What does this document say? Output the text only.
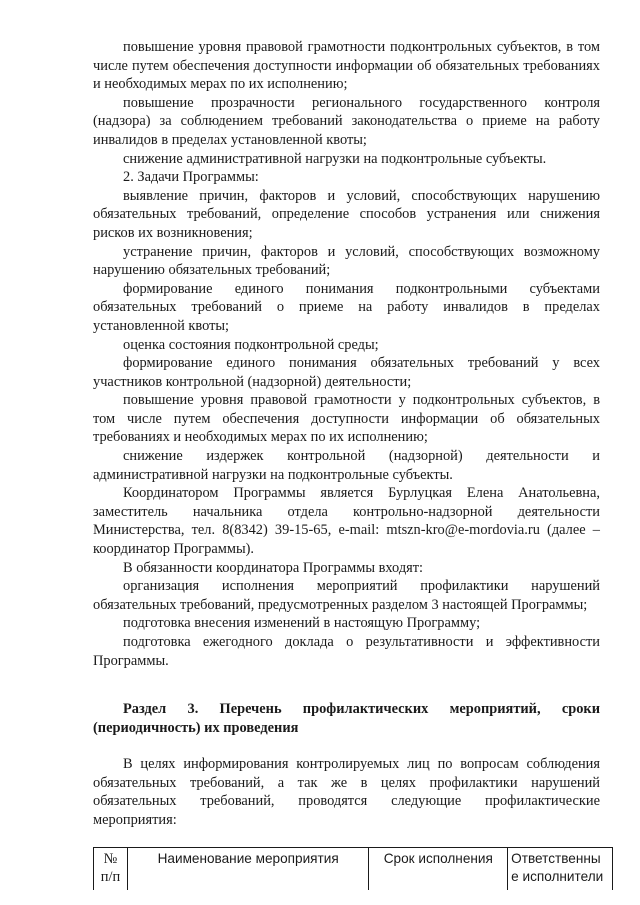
повышение уровня правовой грамотности подконтрольных субъектов, в том числе путем обеспечения доступности информации об обязательных требованиях и необходимых мерах по их исполнению;

повышение прозрачности регионального государственного контроля (надзора) за соблюдением требований законодательства о приеме на работу инвалидов в пределах установленной квоты;

снижение административной нагрузки на подконтрольные субъекты.

2. Задачи Программы:

выявление причин, факторов и условий, способствующих нарушению обязательных требований, определение способов устранения или снижения рисков их возникновения;

устранение причин, факторов и условий, способствующих возможному нарушению обязательных требований;

формирование единого понимания подконтрольными субъектами обязательных требований о приеме на работу инвалидов в пределах установленной квоты;

оценка состояния подконтрольной среды;

формирование единого понимания обязательных требований у всех участников контрольной (надзорной) деятельности;

повышение уровня правовой грамотности у подконтрольных субъектов, в том числе путем обеспечения доступности информации об обязательных требованиях и необходимых мерах по их исполнению;

снижение издержек контрольной (надзорной) деятельности и административной нагрузки на подконтрольные субъекты.

Координатором Программы является Бурлуцкая Елена Анатольевна, заместитель начальника отдела контрольно-надзорной деятельности Министерства, тел. 8(8342) 39-15-65, e-mail: mtszn-kro@e-mordovia.ru (далее – координатор Программы).

В обязанности координатора Программы входят:

организация исполнения мероприятий профилактики нарушений обязательных требований, предусмотренных разделом 3 настоящей Программы;

подготовка внесения изменений в настоящую Программу;

подготовка ежегодного доклада о результативности и эффективности Программы.

Раздел 3. Перечень профилактических мероприятий, сроки (периодичность) их проведения

В целях информирования контролируемых лиц по вопросам соблюдения обязательных требований, а так же в целях профилактики нарушений обязательных требований, проводятся следующие профилактические мероприятия:

№ п/п	Наименование мероприятия	Срок исполнения	Ответственны
е исполнители
